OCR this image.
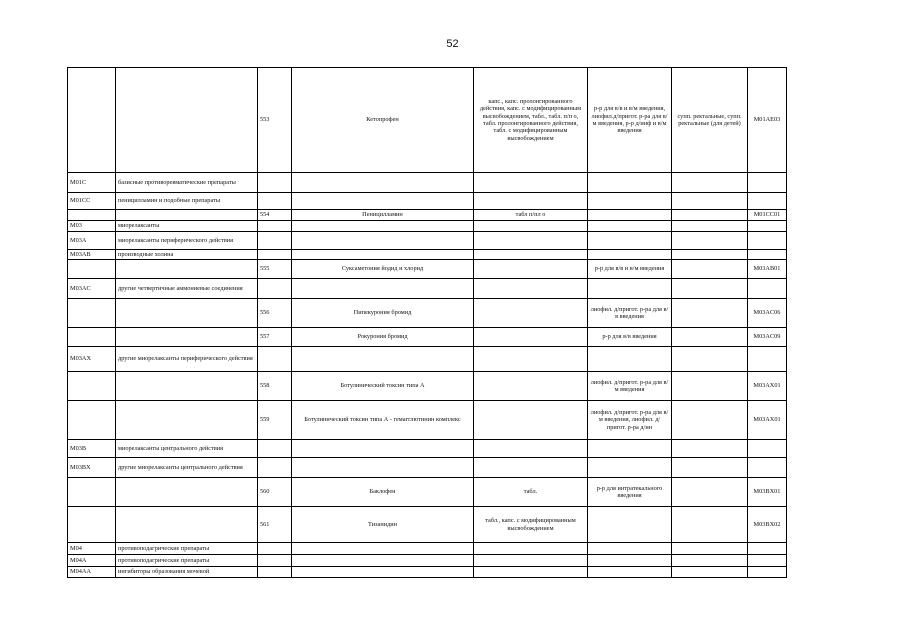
52
		553	Кетопрофен	капс., капс. пролонгированного действия, капс. с модифицированным высвобождением, табл., табл. п/п о, табл. пролонгированного действия, табл. с модифицированным высвобождением	р-р для в/в и в/м введения, лиофил.д/пригот. р-ра для в/м введения, р-р д/инф и в/м введения	супп. ректальные, супп. ректальные (для детей)	M01AE03
M01C	базисные противоревматические препараты						
M01CC	пеницилламин и подобные препараты						
		554	Пеницилламин	табл п/пл о			M01CC01
M03	миорелаксанты						
M03A	миорелаксанты периферического действия						
M03AB	производные холина						
		555	Суксаметония йодид и хлорид		р-р для в/в и в/м введения		M03AB01
M03AC	другие четвертичные аммониевые соединения						
		556	Пипекурония бромид		лиофил. д/пригот. р-ра для в/в введения		M03AC06
		557	Рокурония бромид		р-р для в/в введения		M03AC09
M03AX	другие миорелаксанты периферического действия						
		558	Ботулинический токсин типа А		лиофил. д/пригот. р-ра для в/м введения		M03AX01
		559	Ботулинический токсин типа А - гемагглютинин комплекс		лиофил. д/пригот. р-ра для в/м введения, лиофил. д/пригот. р-ра д/ин		M03AX01
M03B	миорелаксанты центрального действия						
M03BX	другие миорелаксанты центрального действия						
		560	Баклофен	табл.	р-р для интратекального введения		M03BX01
		561	Тизанидин	табл., капс. с модифицированным высвобождением			M03BX02
M04	противоподагрические препараты						
M04A	противоподагрические препараты						
M04AA	ингибиторы образования мочевой						
